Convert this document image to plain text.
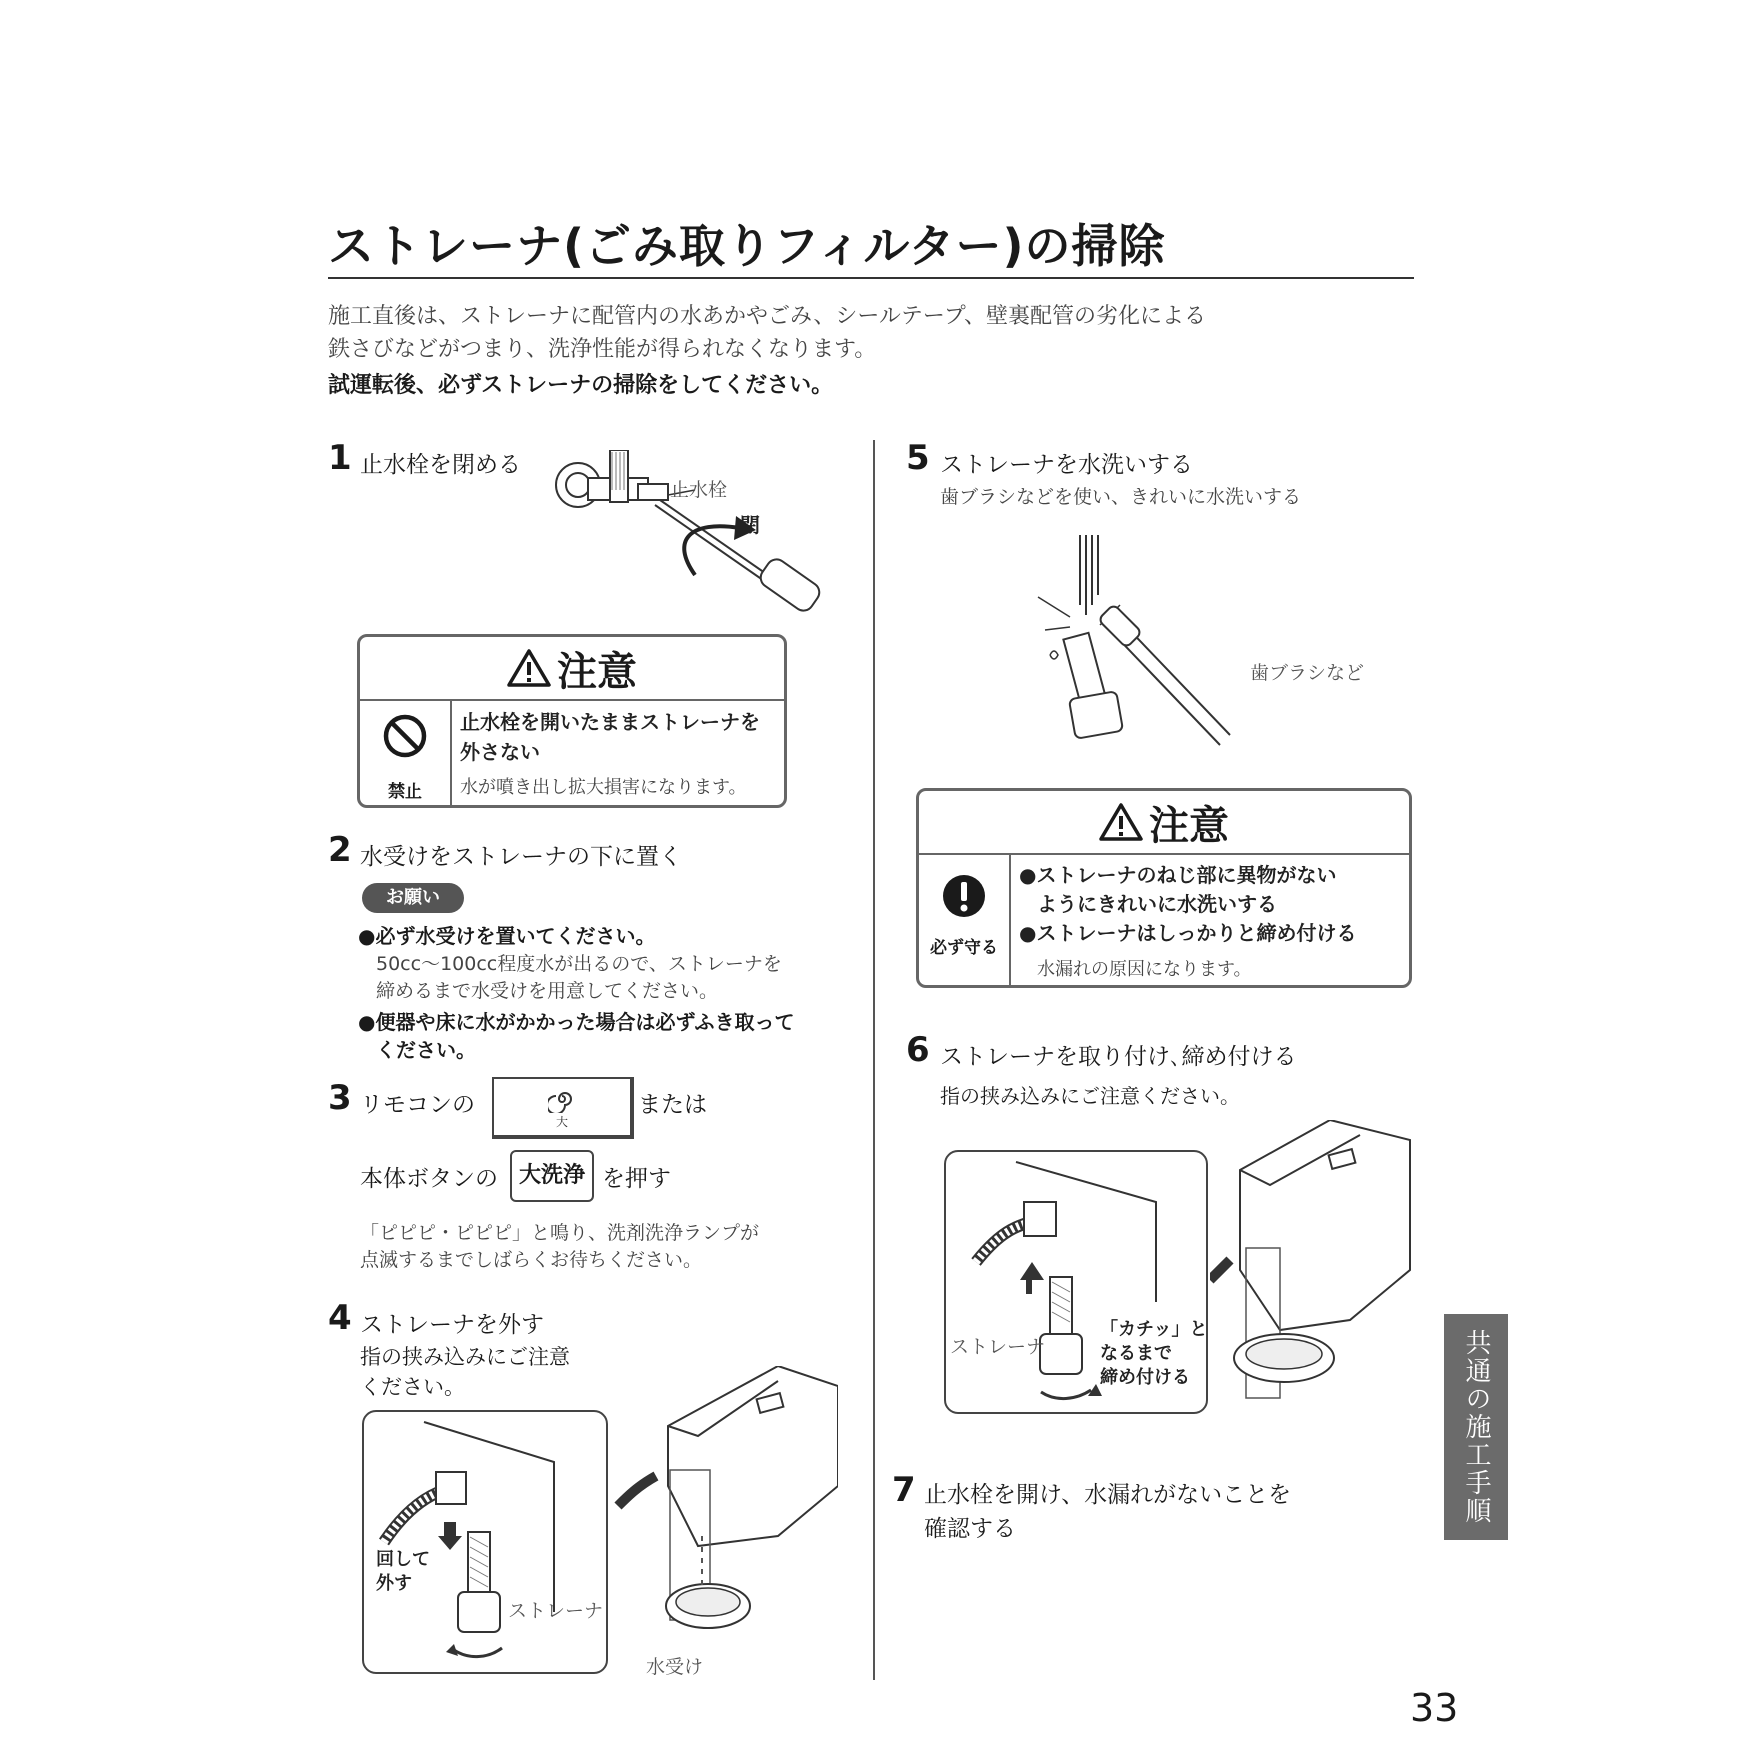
ストレーナ(ごみ取りフィルター)の掃除
施工直後は、ストレーナに配管内の水あかやごみ、シールテープ、壁裏配管の劣化による
鉄さびなどがつまり、洗浄性能が得られなくなります。
試運転後、必ずストレーナの掃除をしてください。
1 止水栓を閉める
止水栓
閉
注意
禁止
止水栓を開いたままストレーナを
外さない
水が噴き出し拡大損害になります。
2 水受けをストレーナの下に置く
お願い
●必ず水受けを置いてください。
50cc～100cc程度水が出るので、ストレーナを
締めるまで水受けを用意してください。
●便器や床に水がかかった場合は必ずふき取って
ください。
3 リモコンの
大
または
本体ボタンの 大洗浄 を押す
「ピピピ・ピピピ」と鳴り、洗剤洗浄ランプが
点滅するまでしばらくお待ちください。
4 ストレーナを外す
指の挟み込みにご注意
ください。
回して
外す
ストレーナ
水受け
5 ストレーナを水洗いする
歯ブラシなどを使い、きれいに水洗いする
歯ブラシなど
注意
必ず守る
●ストレーナのねじ部に異物がない
ようにきれいに水洗いする
●ストレーナはしっかりと締め付ける
水漏れの原因になります。
6 ストレーナを取り付け､締め付ける
指の挟み込みにご注意ください。
ストレーナ
「カチッ」と
なるまで
締め付ける
7 止水栓を開け、水漏れがないことを
確認する
共通の施工手順
33
